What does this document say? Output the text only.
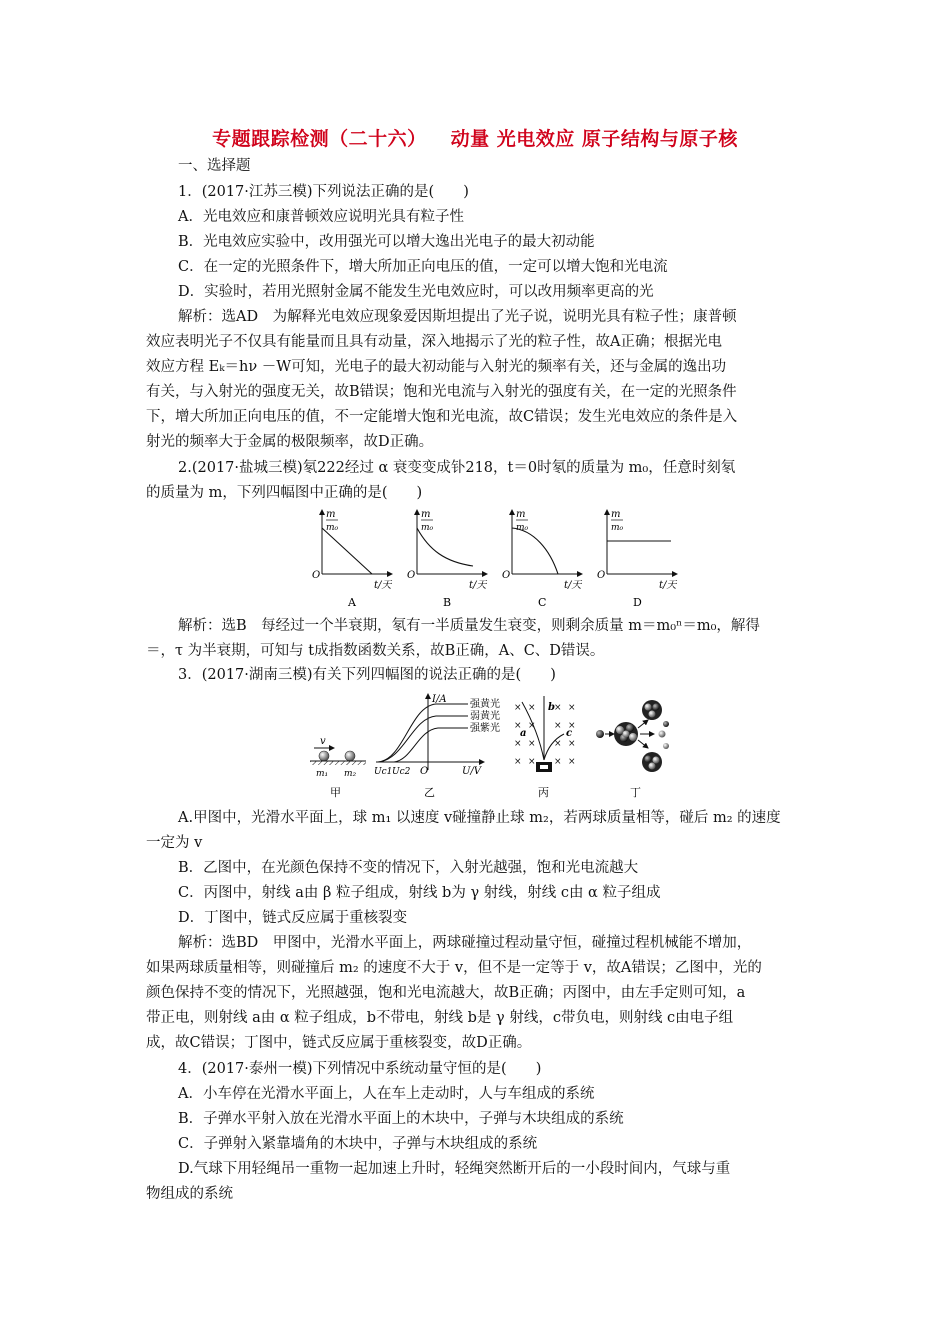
专题跟踪检测（二十六） 动量 光电效应 原子结构与原子核
一、选择题
1．(2017·江苏三模)下列说法正确的是(　　)
A．光电效应和康普顿效应说明光具有粒子性
B．光电效应实验中，改用强光可以增大逸出光电子的最大初动能
C．在一定的光照条件下，增大所加正向电压的值，一定可以增大饱和光电流
D．实验时，若用光照射金属不能发生光电效应时，可以改用频率更高的光
解析：选AD　为解释光电效应现象爱因斯坦提出了光子说，说明光具有粒子性；康普顿
效应表明光子不仅具有能量而且具有动量，深入地揭示了光的粒子性，故A正确；根据光电
效应方程 Eₖ＝hν －W可知，光电子的最大初动能与入射光的频率有关，还与金属的逸出功
有关，与入射光的强度无关，故B错误；饱和光电流与入射光的强度有关，在一定的光照条件
下，增大所加正向电压的值，不一定能增大饱和光电流，故C错误；发生光电效应的条件是入
射光的频率大于金属的极限频率，故D正确。
2.(2017·盐城三模)氡222经过 α 衰变变成钋218，t＝0时氡的质量为 m₀，任意时刻氡
的质量为 m，下列四幅图中正确的是(　　)
m
m₀
O
t/天
A
m
m₀
O
t/天
B
m
m₀
O
t/天
C
m
m₀
O
t/天
D
解析：选B　每经过一个半衰期，氡有一半质量发生衰变，则剩余质量 m＝m₀ⁿ＝m₀，解得
＝，τ 为半衰期，可知与 t成指数函数关系，故B正确，A、C、D错误。
3．(2017·湖南三模)有关下列四幅图的说法正确的是(　　)
v
m₁ m₂
甲
I/A 强黄光
弱黄光
强紫光
Uc1 Uc2 O	U/V
乙
× × × ×
× × × ×
× × × ×
× × × ×
a
b
c
丙	丁
A.甲图中，光滑水平面上，球 m₁ 以速度 v碰撞静止球 m₂，若两球质量相等，碰后 m₂ 的速度
一定为 v
B．乙图中，在光颜色保持不变的情况下，入射光越强，饱和光电流越大
C．丙图中，射线 a由 β 粒子组成，射线 b为 γ 射线，射线 c由 α 粒子组成
D．丁图中，链式反应属于重核裂变
解析：选BD　甲图中，光滑水平面上，两球碰撞过程动量守恒，碰撞过程机械能不增加，
如果两球质量相等，则碰撞后 m₂ 的速度不大于 v，但不是一定等于 v，故A错误；乙图中，光的
颜色保持不变的情况下，光照越强，饱和光电流越大，故B正确；丙图中，由左手定则可知，a
带正电，则射线 a由 α 粒子组成，b不带电，射线 b是 γ 射线，c带负电，则射线 c由电子组
成，故C错误；丁图中，链式反应属于重核裂变，故D正确。
4．(2017·泰州一模)下列情况中系统动量守恒的是(　　)
A．小车停在光滑水平面上，人在车上走动时，人与车组成的系统
B．子弹水平射入放在光滑水平面上的木块中，子弹与木块组成的系统
C．子弹射入紧靠墙角的木块中，子弹与木块组成的系统
D.气球下用轻绳吊一重物一起加速上升时，轻绳突然断开后的一小段时间内，气球与重
物组成的系统
